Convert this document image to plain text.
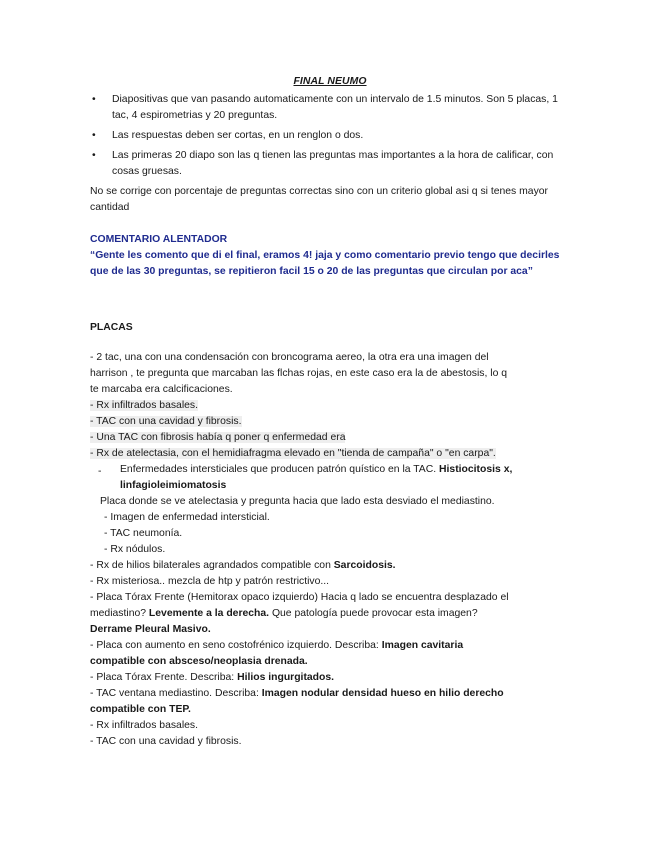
FINAL NEUMO
• Diapositivas que van pasando automaticamente con un intervalo de 1.5 minutos. Son 5 placas, 1 tac, 4 espirometrias y 20 preguntas.
• Las respuestas deben ser cortas, en un renglon o dos.
• Las primeras 20 diapo son las q tienen las preguntas mas importantes a la hora de calificar, con cosas gruesas.
No se corrige con porcentaje de preguntas correctas sino con un criterio global asi q si tenes mayor cantidad
COMENTARIO ALENTADOR
“Gente les comento que di el final, eramos 4! jaja y como comentario previo tengo que decirles que de las 30 preguntas, se repitieron facil 15 o 20 de las preguntas que circulan por aca”
PLACAS
- 2 tac, una con una condensación con broncograma aereo, la otra era una imagen del
harrison , te pregunta que marcaban las flchas rojas, en este caso era la de abestosis, lo q
te marcaba era calcificaciones.
- Rx infiltrados basales.
- TAC con una cavidad y fibrosis.
- Una TAC con fibrosis había q poner q enfermedad era
- Rx de atelectasia, con el hemidiafragma elevado en "tienda de campaña" o "en carpa".
- Enfermedades intersticiales que producen patrón quístico en la TAC. Histiocitosis x,
linfagioleimiomatosis
Placa donde se ve atelectasia y pregunta hacia que lado esta desviado el mediastino.
- Imagen de enfermedad intersticial.
- TAC neumonía.
- Rx nódulos.
- Rx de hilios bilaterales agrandados compatible con Sarcoidosis.
- Rx misteriosa.. mezcla de htp y patrón restrictivo...
- Placa Tórax Frente (Hemitorax opaco izquierdo) Hacia q lado se encuentra desplazado el
mediastino? Levemente a la derecha. Que patología puede provocar esta imagen?
Derrame Pleural Masivo.
- Placa con aumento en seno costofrénico izquierdo. Describa: Imagen cavitaria
compatible con absceso/neoplasia drenada.
- Placa Tórax Frente. Describa: Hilios ingurgitados.
- TAC ventana mediastino. Describa: Imagen nodular densidad hueso en hilio derecho
compatible con TEP.
- Rx infiltrados basales.
- TAC con una cavidad y fibrosis.
